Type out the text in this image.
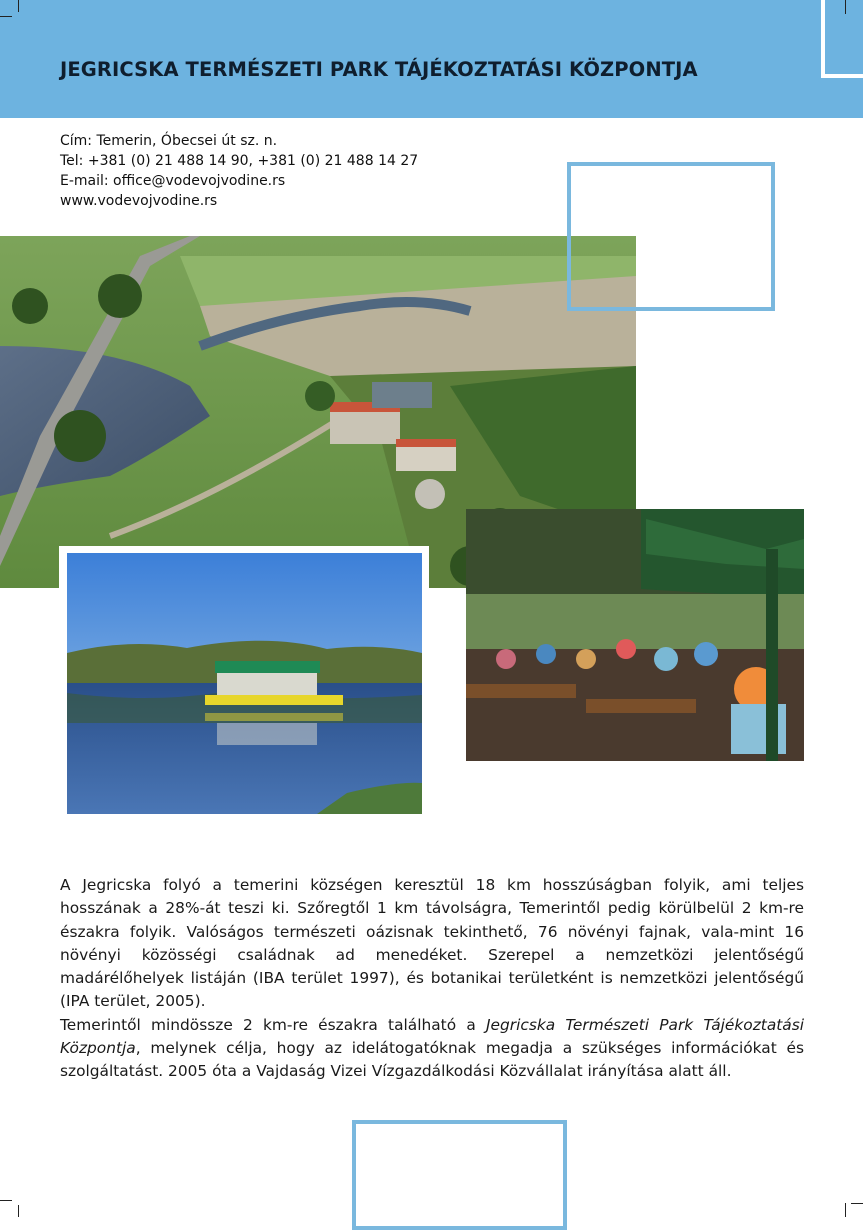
JEGRICSKA TERMÉSZETI PARK TÁJÉKOZTATÁSI KÖZPONTJA
Cím: Temerin, Óbecsei út sz. n.
Tel: +381 (0) 21 488 14 90, +381 (0) 21 488 14 27
E-mail: office@vodevojvodine.rs
www.vodevojvodine.rs

A Jegricska folyó a temerini községen keresztül 18 km hosszúságban folyik, ami teljes hosszának a 28%-át teszi ki. Szőregtől 1 km távolságra, Temerintől pedig körülbelül 2 km-re északra folyik. Valóságos természeti oázisnak tekinthető, 76 növényi fajnak, vala-mint 16 növényi közösségi családnak ad menedéket. Szerepel a nemzetközi jelentőségű madárélőhelyek listáján (IBA terület 1997), és botanikai területként is nemzetközi jelentőségű (IPA terület, 2005).

Temerintől mindössze 2 km-re északra található a Jegricska Természeti Park Tájékoztatási Központja, melynek célja, hogy az idelátogatóknak megadja a szükséges információkat és szolgáltatást. 2005 óta a Vajdaság Vizei Vízgazdálkodási Közvállalat irányítása alatt áll.
